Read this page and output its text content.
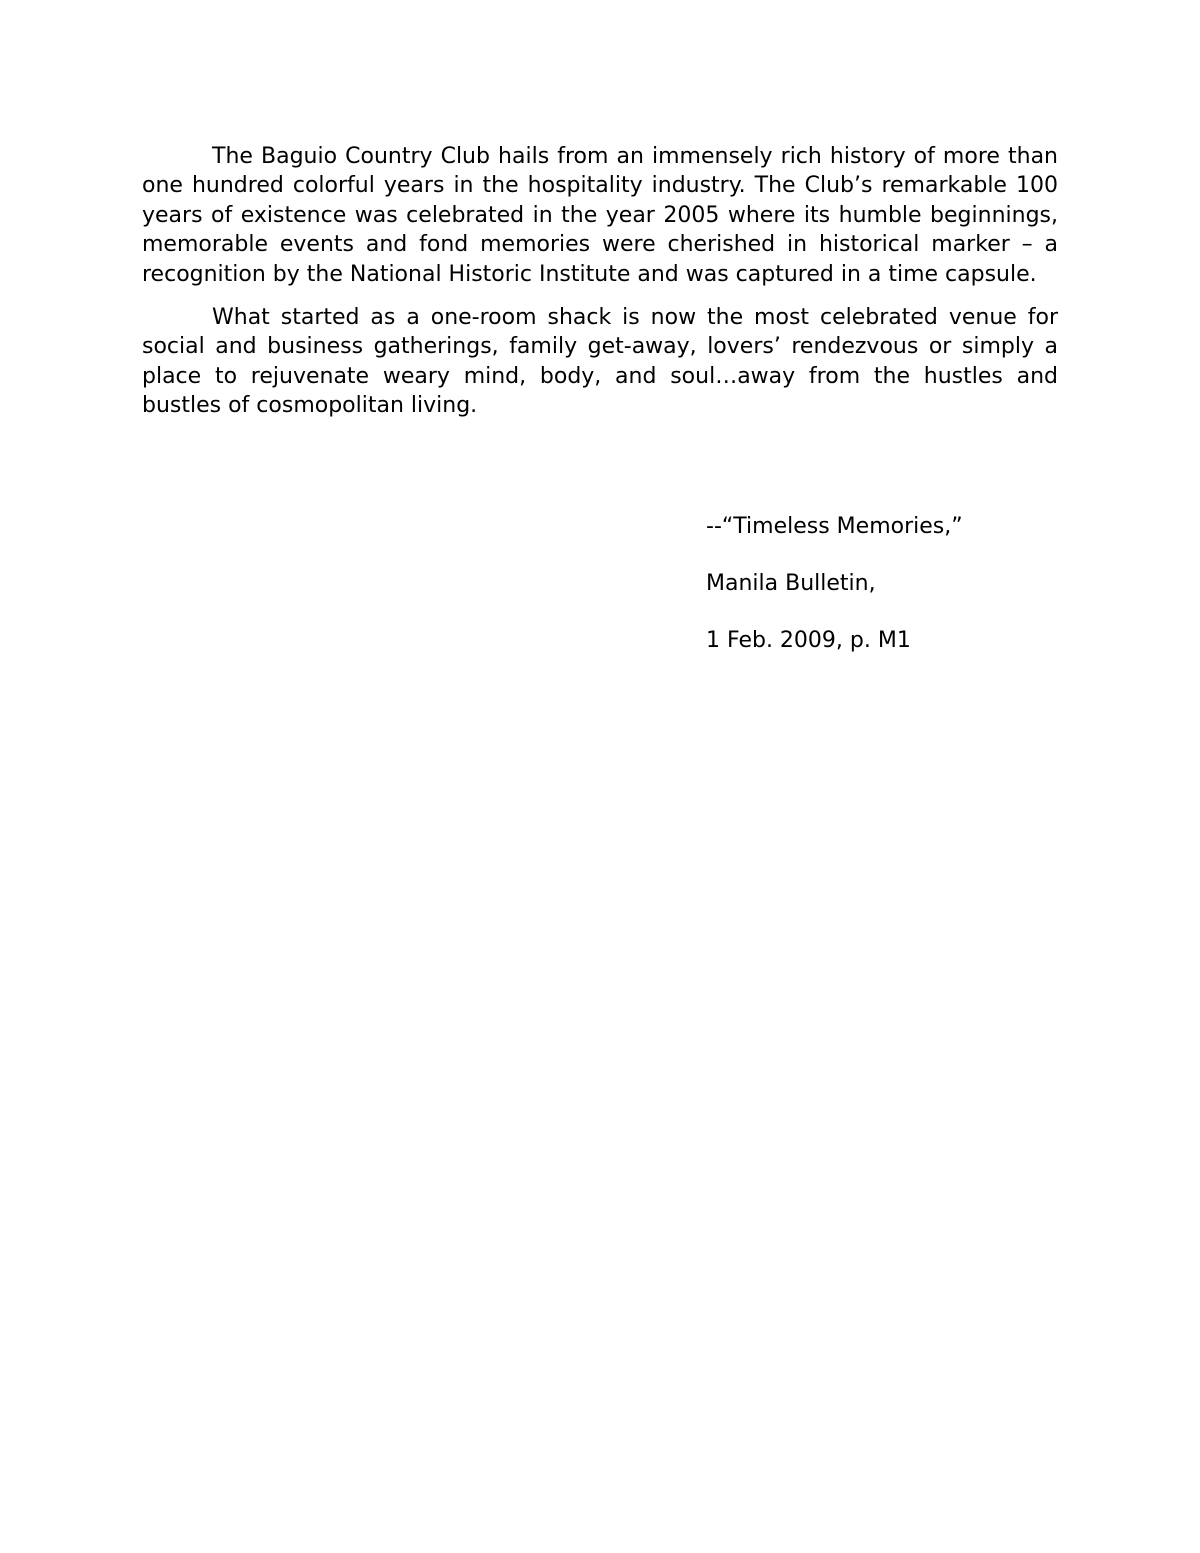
The Baguio Country Club hails from an immensely rich history of more than one hundred colorful years in the hospitality industry. The Club’s remarkable 100 years of existence was celebrated in the year 2005 where its humble beginnings, memorable events and fond memories were cherished in historical marker – a recognition by the National Historic Institute and was captured in a time capsule.

What started as a one-room shack is now the most celebrated venue for social and business gatherings, family get-away, lovers’ rendezvous or simply a place to rejuvenate weary mind, body, and soul…away from the hustles and bustles of cosmopolitan living.

--“Timeless Memories,”
Manila Bulletin,
1 Feb. 2009, p. M1
